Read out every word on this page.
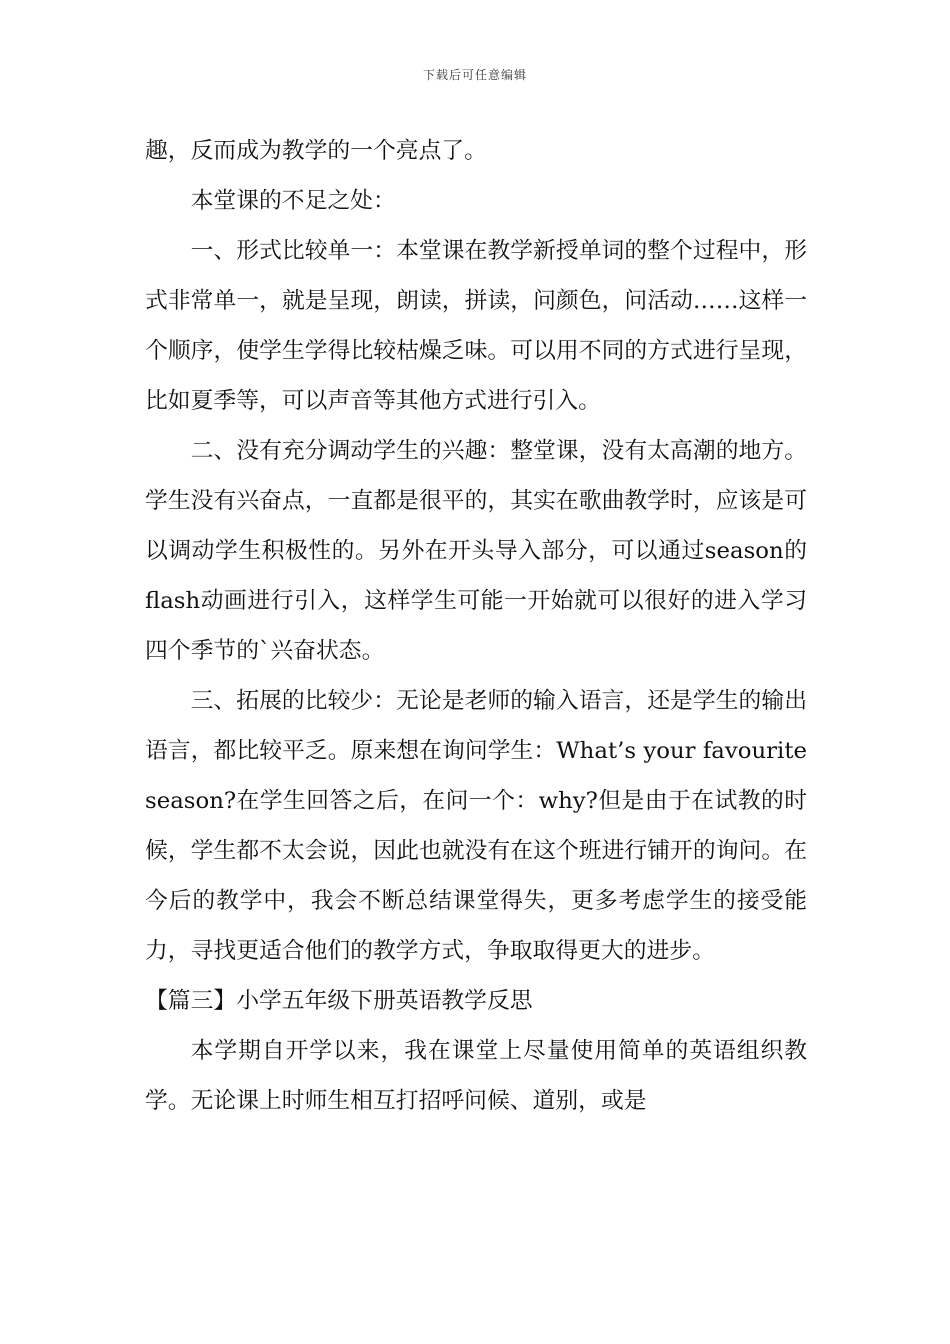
下载后可任意编辑

趣，反而成为教学的一个亮点了。

本堂课的不足之处：

一、形式比较单一：本堂课在教学新授单词的整个过程中，形式非常单一，就是呈现，朗读，拼读，问颜色，问活动……这样一个顺序，使学生学得比较枯燥乏味。可以用不同的方式进行呈现，比如夏季等，可以声音等其他方式进行引入。

二、没有充分调动学生的兴趣：整堂课，没有太高潮的地方。学生没有兴奋点，一直都是很平的，其实在歌曲教学时，应该是可以调动学生积极性的。另外在开头导入部分，可以通过season的flash动画进行引入，这样学生可能一开始就可以很好的进入学习四个季节的`兴奋状态。

三、拓展的比较少：无论是老师的输入语言，还是学生的输出语言，都比较平乏。原来想在询问学生：What’s your favourite season?在学生回答之后，在问一个：why?但是由于在试教的时候，学生都不太会说，因此也就没有在这个班进行铺开的询问。在今后的教学中，我会不断总结课堂得失，更多考虑学生的接受能力，寻找更适合他们的教学方式，争取取得更大的进步。

【篇三】小学五年级下册英语教学反思

本学期自开学以来，我在课堂上尽量使用简单的英语组织教学。无论课上时师生相互打招呼问候、道别，或是
